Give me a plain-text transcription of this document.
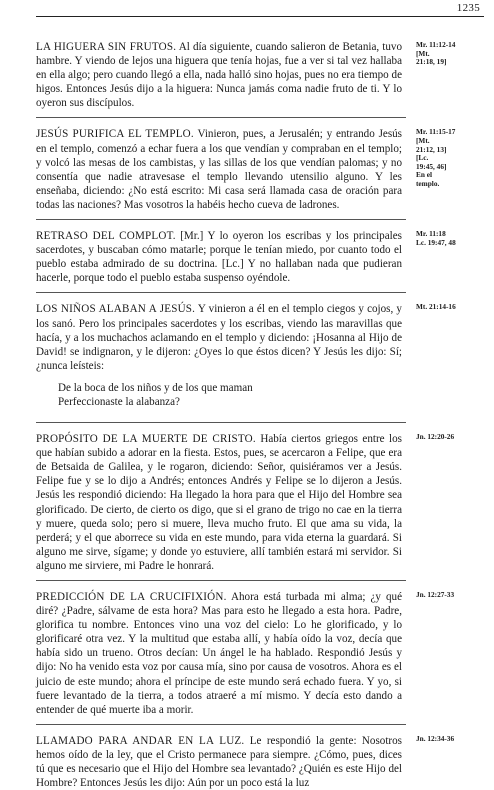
1235

LA HIGUERA SIN FRUTOS. Al día siguiente, cuando salieron de Betania, tuvo hambre. Y viendo de lejos una higuera que tenía hojas, fue a ver si tal vez hallaba en ella algo; pero cuando llegó a ella, nada halló sino hojas, pues no era tiempo de higos. Entonces Jesús dijo a la higuera: Nunca jamás coma nadie fruto de ti. Y lo oyeron sus discípulos.

Mr. 11:12-14
[Mt.
21:18, 19]

JESÚS PURIFICA EL TEMPLO. Vinieron, pues, a Jerusalén; y entrando Jesús en el templo, comenzó a echar fuera a los que vendían y compraban en el templo; y volcó las mesas de los cambistas, y las sillas de los que vendían palomas; y no consentía que nadie atravesase el templo llevando utensilio alguno. Y les enseñaba, diciendo: ¿No está escrito: Mi casa será llamada casa de oración para todas las naciones? Mas vosotros la habéis hecho cueva de ladrones.

Mr. 11:15-17
[Mt.
21:12, 13]
[Lc.
19:45, 46]
En el
templo.

RETRASO DEL COMPLOT. [Mr.] Y lo oyeron los escribas y los principales sacerdotes, y buscaban cómo matarle; porque le tenían miedo, por cuanto todo el pueblo estaba admirado de su doctrina. [Lc.] Y no hallaban nada que pudieran hacerle, porque todo el pueblo estaba suspenso oyéndole.

Mr. 11:18
Lc. 19:47, 48

LOS NIÑOS ALABAN A JESÚS. Y vinieron a él en el templo ciegos y cojos, y los sanó. Pero los principales sacerdotes y los escribas, viendo las maravillas que hacía, y a los muchachos aclamando en el templo y diciendo: ¡Hosanna al Hijo de David! se indignaron, y le dijeron: ¿Oyes lo que éstos dicen? Y Jesús les dijo: Sí; ¿nunca leísteis:

De la boca de los niños y de los que maman
Perfeccionaste la alabanza?
Mt. 21:14-16

PROPÓSITO DE LA MUERTE DE CRISTO. Había ciertos griegos entre los que habían subido a adorar en la fiesta. Estos, pues, se acercaron a Felipe, que era de Betsaida de Galilea, y le rogaron, diciendo: Señor, quisiéramos ver a Jesús. Felipe fue y se lo dijo a Andrés; entonces Andrés y Felipe se lo dijeron a Jesús. Jesús les respondió diciendo: Ha llegado la hora para que el Hijo del Hombre sea glorificado. De cierto, de cierto os digo, que si el grano de trigo no cae en la tierra y muere, queda solo; pero si muere, lleva mucho fruto. El que ama su vida, la perderá; y el que aborrece su vida en este mundo, para vida eterna la guardará. Si alguno me sirve, sígame; y donde yo estuviere, allí también estará mi servidor. Si alguno me sirviere, mi Padre le honrará.

Jn. 12:20-26

PREDICCIÓN DE LA CRUCIFIXIÓN. Ahora está turbada mi alma; ¿y qué diré? ¿Padre, sálvame de esta hora? Mas para esto he llegado a esta hora. Padre, glorifica tu nombre. Entonces vino una voz del cielo: Lo he glorificado, y lo glorificaré otra vez. Y la multitud que estaba allí, y había oído la voz, decía que había sido un trueno. Otros decían: Un ángel le ha hablado. Respondió Jesús y dijo: No ha venido esta voz por causa mía, sino por causa de vosotros. Ahora es el juicio de este mundo; ahora el príncipe de este mundo será echado fuera. Y yo, si fuere levantado de la tierra, a todos atraeré a mí mismo. Y decía esto dando a entender de qué muerte iba a morir.

Jn. 12:27-33

LLAMADO PARA ANDAR EN LA LUZ. Le respondió la gente: Nosotros hemos oído de la ley, que el Cristo permanece para siempre. ¿Cómo, pues, dices tú que es necesario que el Hijo del Hombre sea levantado? ¿Quién es este Hijo del Hombre? Entonces Jesús les dijo: Aún por un poco está la luz

Jn. 12:34-36
